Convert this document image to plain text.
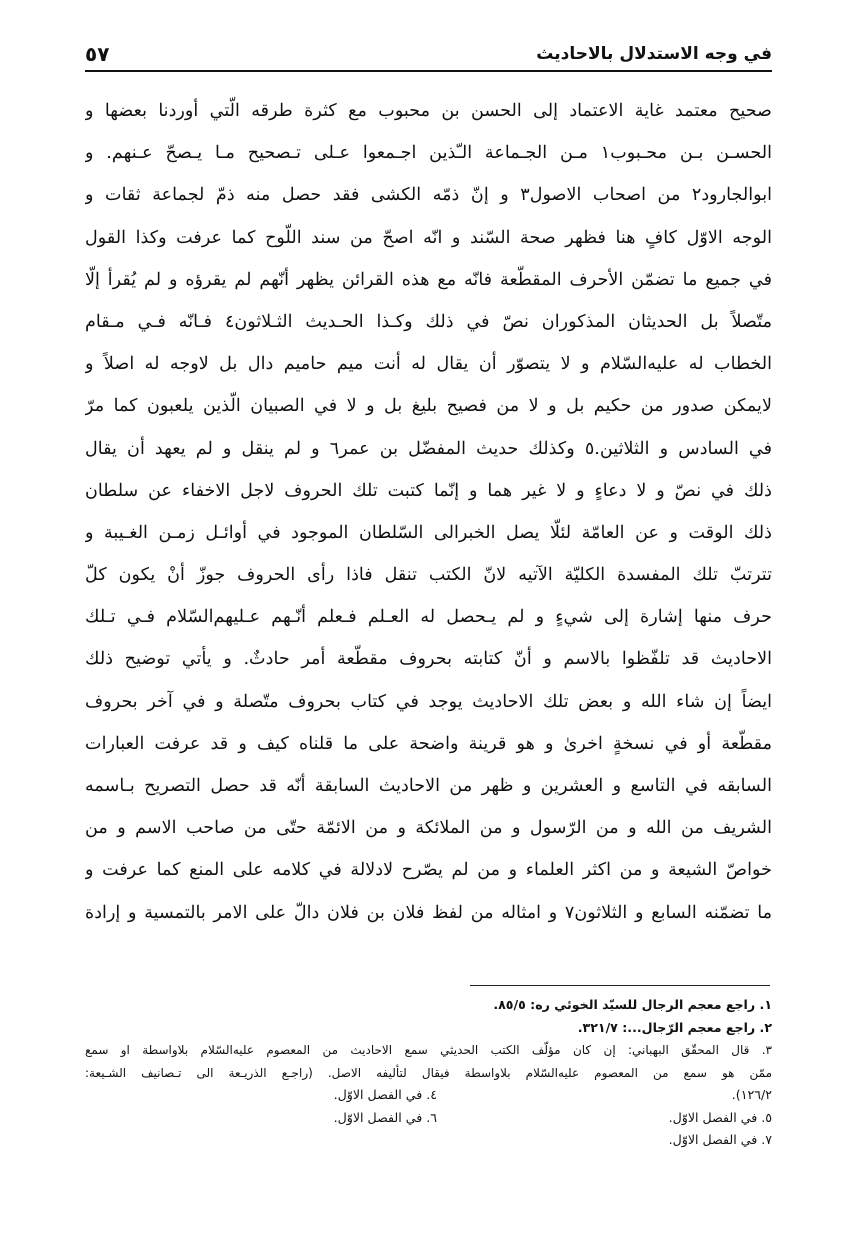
في وجه الاستدلال بالاحاديث
٥٧
صحيح معتمد غاية الاعتماد إلى الحسن بن محبوب مع كثرة طرقه الّتي أوردنا بعضها و
الحسـن بـن محـبوب١ مـن الجـماعة الـّذين اجـمعوا عـلى تـصحيح مـا يـصحّ عـنهم. و
ابوالجارود٢ من اصحاب الاصول٣ و إنّ ذمّه الكشى فقد حصل منه ذمّ لجماعة ثقات و
الوجه الاوّل كافٍ هنا فظهر صحة السّند و انّه اصحّ من سند اللّوح كما عرفت وكذا القول
في جميع ما تضمّن الأحرف المقطّعة فانّه مع هذه القرائن يظهر أنّهم لم يقرؤه و لم يُقرأ إلّا
متّصلاً بل الحديثان المذكوران نصّ في ذلك وكـذا الحـديث الثـلاثون٤ فـانّه فـي مـقام
الخطاب له عليه‌السّلام و لا يتصوّر أن يقال له أنت ميم حاميم دال بل لاوجه له اصلاً و
لايمكن صدور من حكيم بل و لا من فصيح بليغ بل و لا في الصبيان الّذين يلعبون كما مرّ
في السادس و الثلاثين.٥ وكذلك حديث المفضّل بن عمر٦ و لم ينقل و لم يعهد أن يقال
ذلك في نصّ و لا دعاءٍ و لا غير هما و إنّما كتبت تلك الحروف لاجل الاخفاء عن سلطان
ذلك الوقت و عن العامّة لئلّا يصل الخبرالى السّلطان الموجود في أوائـل زمـن الغـيبة و
تترتبّ تلك المفسدة الكليّة الآتيه لانّ الكتب تنقل فاذا رأى الحروف جوزّ أنْ يكون كلّ
حرف منها إشارة إلى شيءٍ و لم يـحصل له العـلم فـعلم أنّـهم عـليهم‌السّلام فـي تـلك
الاحاديث قد تلفّظوا بالاسم و أنّ كتابته بحروف مقطّعة أمر حادثٌ. و يأتي توضيح ذلك
ايضاً إن شاء الله و بعض تلك الاحاديث يوجد في كتاب بحروف متّصلة و في آخر بحروف
مقطّعة أو في نسخةٍ اخرىٰ و هو قرينة واضحة على ما قلناه كيف و قد عرفت العبارات
السابقه في التاسع و العشرين و ظهر من الاحاديث السابقة أنّه قد حصل التصريح بـاسمه
الشريف من الله و من الرّسول و من الملائكة و من الائمّة حتّى من صاحب الاسم و من
خواصّ الشيعة و من اكثر العلماء و من لم يصّرح لادلالة في كلامه على المنع كما عرفت و
ما تضمّنه السابع و الثلاثون٧ و امثاله من لفظ فلان بن فلان دالّ على الامر بالتمسية و إرادة
١. راجع معجم الرجال للسيّد الخوئي ره: ٨٥/٥.
٢. راجع معجم الرّجال...: ٣٢١/٧.
٣. قال المحقّق البهباني: إن كان مؤلّف الكتب الحديثي سمع الاحاديث من المعصوم عليه‌السّلام بلاواسطة او سمع
ممّن هو سمع من المعصوم عليه‌السّلام بلاواسطة فيقال لتأليفه الاصل. (راجـع الذريـعة الى تـصانيف الشـيعة:
١٢٦/٢).
٤. في الفصل الاوّل.
٥. في الفصل الاوّل.
٦. في الفصل الاوّل.
٧. في الفصل الاوّل.
